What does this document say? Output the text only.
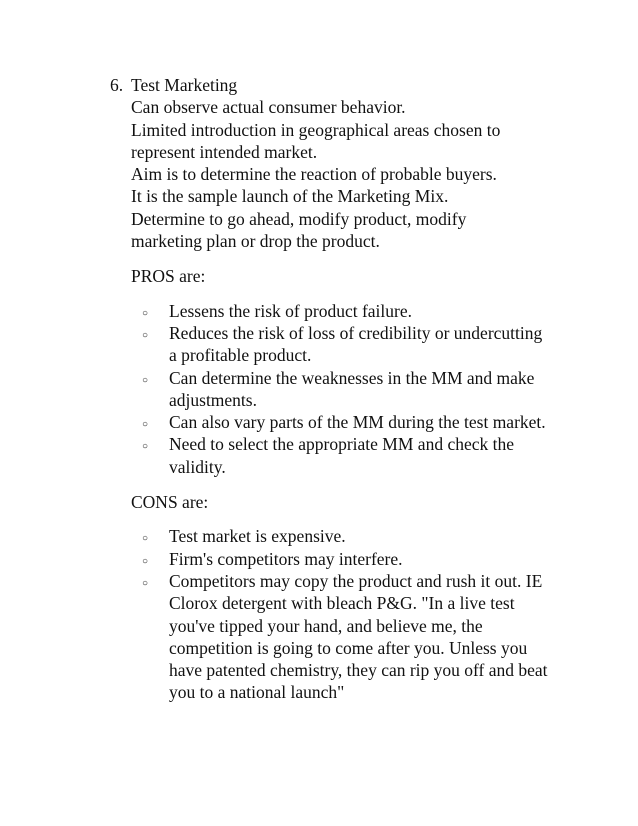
6. Test Marketing

Can observe actual consumer behavior.

Limited introduction in geographical areas chosen to

represent intended market.

Aim is to determine the reaction of probable buyers.

It is the sample launch of the Marketing Mix.

Determine to go ahead, modify product, modify

marketing plan or drop the product.

PROS are:
○	Lessens the risk of product failure.
○	Reduces the risk of loss of credibility or undercutting a profitable product.
○	Can determine the weaknesses in the MM and make adjustments.
○	Can also vary parts of the MM during the test market.
○	Need to select the appropriate MM and check the validity.
CONS are:
○	Test market is expensive.
○	Firm's competitors may interfere.
○	Competitors may copy the product and rush it out. IE Clorox detergent with bleach P&G. "In a live test you've tipped your hand, and believe me, the competition is going to come after you. Unless you have patented chemistry, they can rip you off and beat you to a national launch"
